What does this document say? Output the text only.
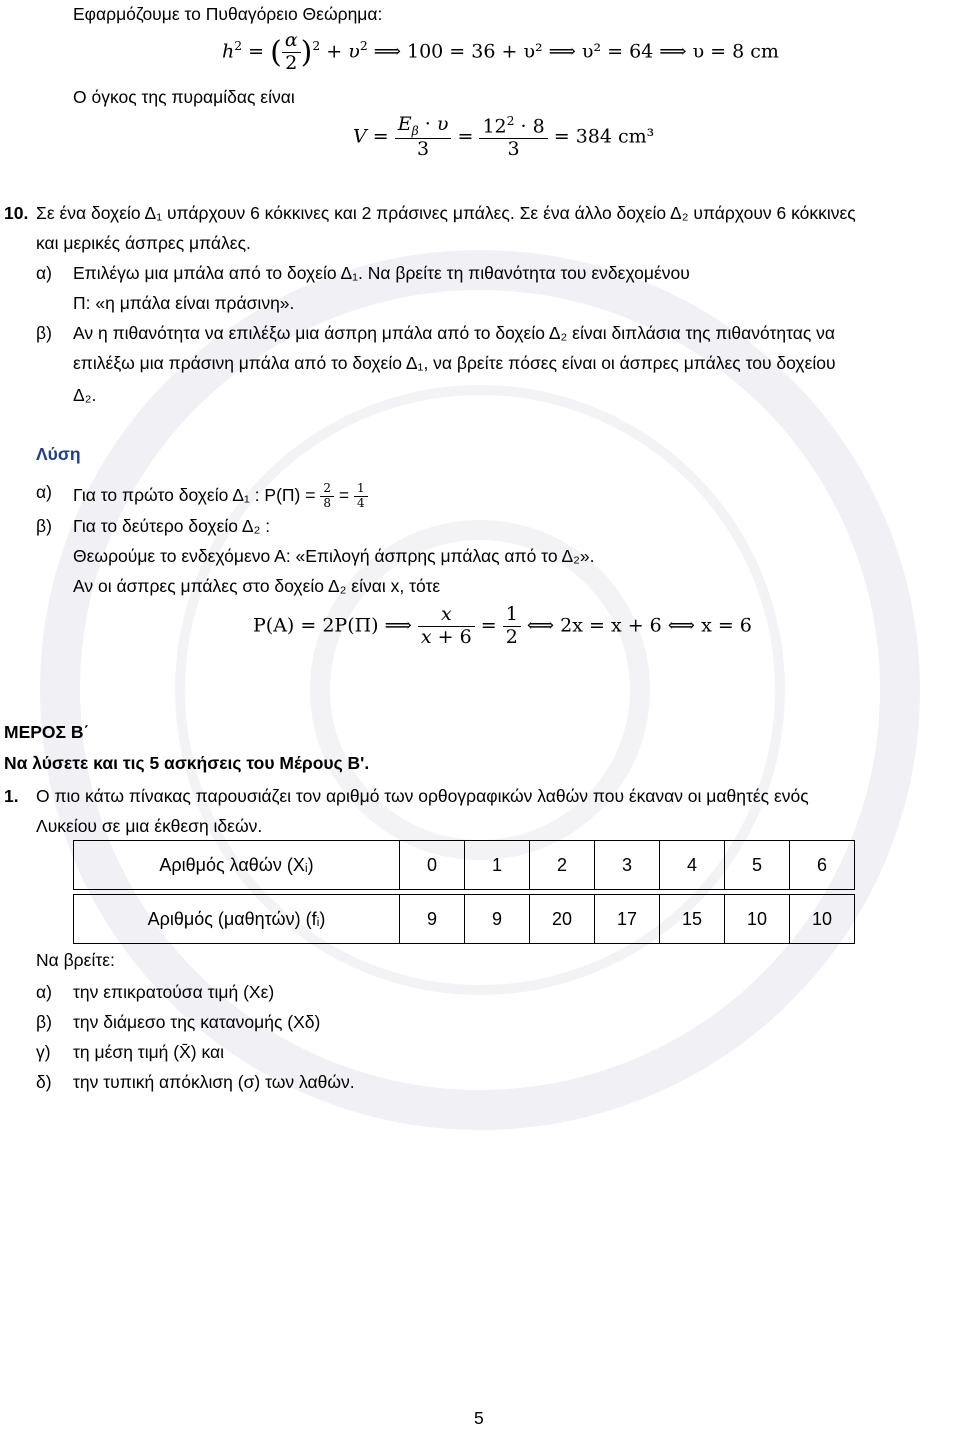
Εφαρμόζουμε το Πυθαγόρειο Θεώρημα:
$h^2$ = ( $\frac{\alpha}{2} )^2 + \upsilon^2$ ⟹ 100 = 36 + υ² ⟹ υ² = 64 ⟹ υ = 8 cm
Ο όγκος της πυραμίδας είναι
$V = \frac{E_\beta \cdot \upsilon}{3} = \frac{12^2 \cdot 8}{3} = 384$ cm³
10. Σε ένα δοχείο Δ₁ υπάρχουν 6 κόκκινες και 2 πράσινες μπάλες. Σε ένα άλλο δοχείο Δ₂ υπάρχουν 6 κόκκινες
και μερικές άσπρες μπάλες.
α) Επιλέγω μια μπάλα από το δοχείο Δ₁. Να βρείτε τη πιθανότητα του ενδεχομένου
Π: «η μπάλα είναι πράσινη».
β) Αν η πιθανότητα να επιλέξω μια άσπρη μπάλα από το δοχείο Δ₂ είναι διπλάσια της πιθανότητας να
επιλέξω μια πράσινη μπάλα από το δοχείο Δ₁, να βρείτε πόσες είναι οι άσπρες μπάλες του δοχείου
Δ₂.
Λύση
α) Για το πρώτο δοχείο Δ₁ : $P(\Pi) = \frac{2}{8} = \frac{1}{4}$
β) Για το δεύτερο δοχείο Δ₂ :
Θεωρούμε το ενδεχόμενο Α: «Επιλογή άσπρης μπάλας από το Δ₂».
Αν οι άσπρες μπάλες στο δοχείο Δ₂ είναι x, τότε
P(A) = 2P(Π) ⟹ $\frac{x}{x + 6} = \frac{1}{2}$ ⟺ 2x = x + 6 ⟺ x = 6
ΜΕΡΟΣ Β΄
Να λύσετε και τις 5 ασκήσεις του Μέρους Β'.
1. Ο πιο κάτω πίνακας παρουσιάζει τον αριθμό των ορθογραφικών λαθών που έκαναν οι μαθητές ενός
Λυκείου σε μια έκθεση ιδεών.
Αριθμός λαθών (Xᵢ)	0	1	2	3	4	5	6

Αριθμός (μαθητών) (fᵢ)	9	9	20	17	15	10	10
Να βρείτε:
α) την επικρατούσα τιμή (Xε)
β) την διάμεσο της κατανομής (Xδ)
γ) τη μέση τιμή (X̄) και
δ) την τυπική απόκλιση (σ) των λαθών.
5
